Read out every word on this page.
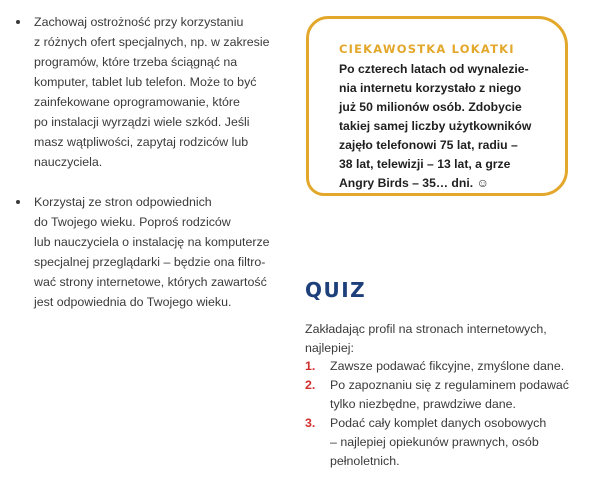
Zachowaj ostrożność przy korzystaniu
z różnych ofert specjalnych, np. w zakresie
programów, które trzeba ściągnąć na
komputer, tablet lub telefon. Może to być
zainfekowane oprogramowanie, które
po instalacji wyrządzi wiele szkód. Jeśli
masz wątpliwości, zapytaj rodziców lub
nauczyciela.
Korzystaj ze stron odpowiednich
do Twojego wieku. Poproś rodziców
lub nauczyciela o instalację na komputerze
specjalnej przeglądarki – będzie ona filtro-
wać strony internetowe, których zawartość
jest odpowiednia do Twojego wieku.
CIEKAWOSTKA LOKATKI
Po czterech latach od wynalezie-
nia internetu korzystało z niego
już 50 milionów osób. Zdobycie
takiej samej liczby użytkowników
zajęło telefonowi 75 lat, radiu –
38 lat, telewizji – 13 lat, a grze
Angry Birds – 35… dni. ☺
QUIZ
Zakładając profil na stronach internetowych,
najlepiej:
1. Zawsze podawać fikcyjne, zmyślone dane.
2. Po zapoznaniu się z regulaminem podawać
tylko niezbędne, prawdziwe dane.
3. Podać cały komplet danych osobowych
– najlepiej opiekunów prawnych, osób
pełnoletnich.
